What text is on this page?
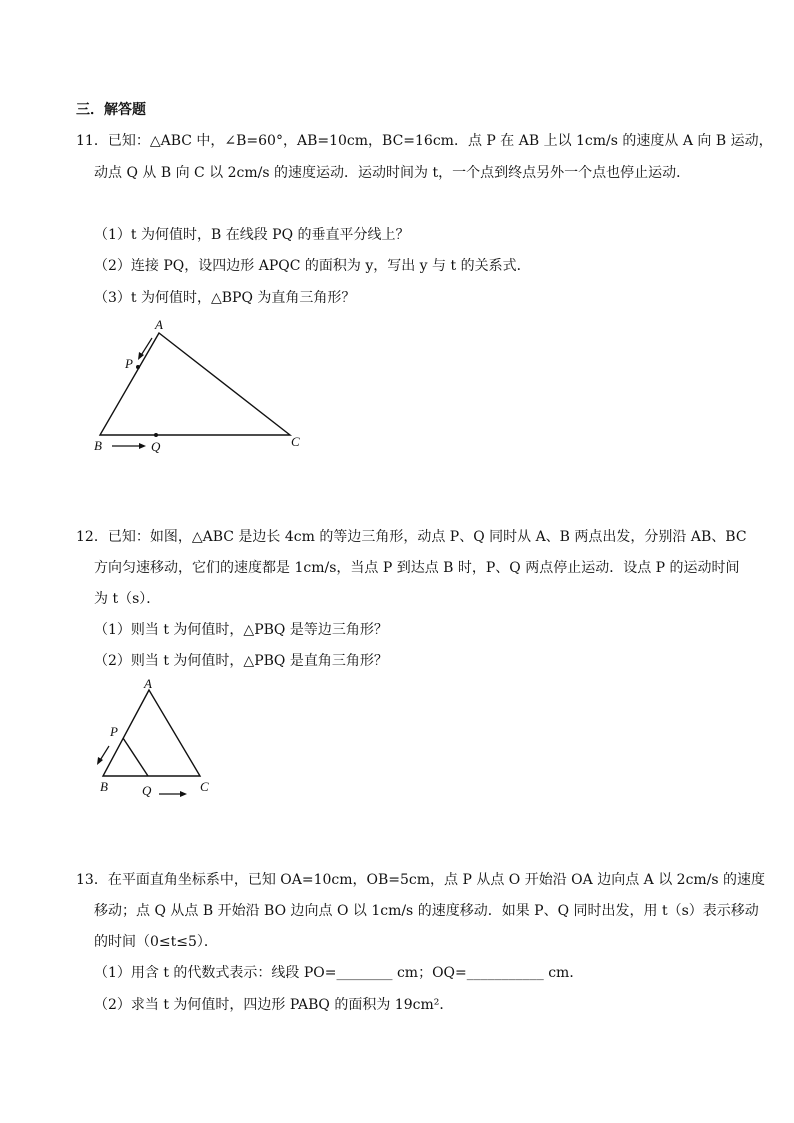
三．解答题
11．已知：△ABC 中，∠B=60°，AB=10cm，BC=16cm．点 P 在 AB 上以 1cm/s 的速度从 A 向 B 运动，
动点 Q 从 B 向 C 以 2cm/s 的速度运动．运动时间为 t，一个点到终点另外一个点也停止运动．
（1）t 为何值时，B 在线段 PQ 的垂直平分线上？
（2）连接 PQ，设四边形 APQC 的面积为 y，写出 y 与 t 的关系式．
（3）t 为何值时，△BPQ 为直角三角形？
A
P
B	Q	C
12．已知：如图，△ABC 是边长 4cm 的等边三角形，动点 P、Q 同时从 A、B 两点出发，分别沿 AB、BC
方向匀速移动，它们的速度都是 1cm/s，当点 P 到达点 B 时，P、Q 两点停止运动．设点 P 的运动时间
为 t（s）．
（1）则当 t 为何值时，△PBQ 是等边三角形？
（2）则当 t 为何值时，△PBQ 是直角三角形？
A
P
B	Q	C
13．在平面直角坐标系中，已知 OA=10cm，OB=5cm，点 P 从点 O 开始沿 OA 边向点 A 以 2cm/s 的速度
移动；点 Q 从点 B 开始沿 BO 边向点 O 以 1cm/s 的速度移动．如果 P、Q 同时出发，用 t（s）表示移动
的时间（0≤t≤5）．
（1）用含 t 的代数式表示：线段 PO=________ cm；OQ=___________ cm．
（2）求当 t 为何值时，四边形 PABQ 的面积为 19cm²．
